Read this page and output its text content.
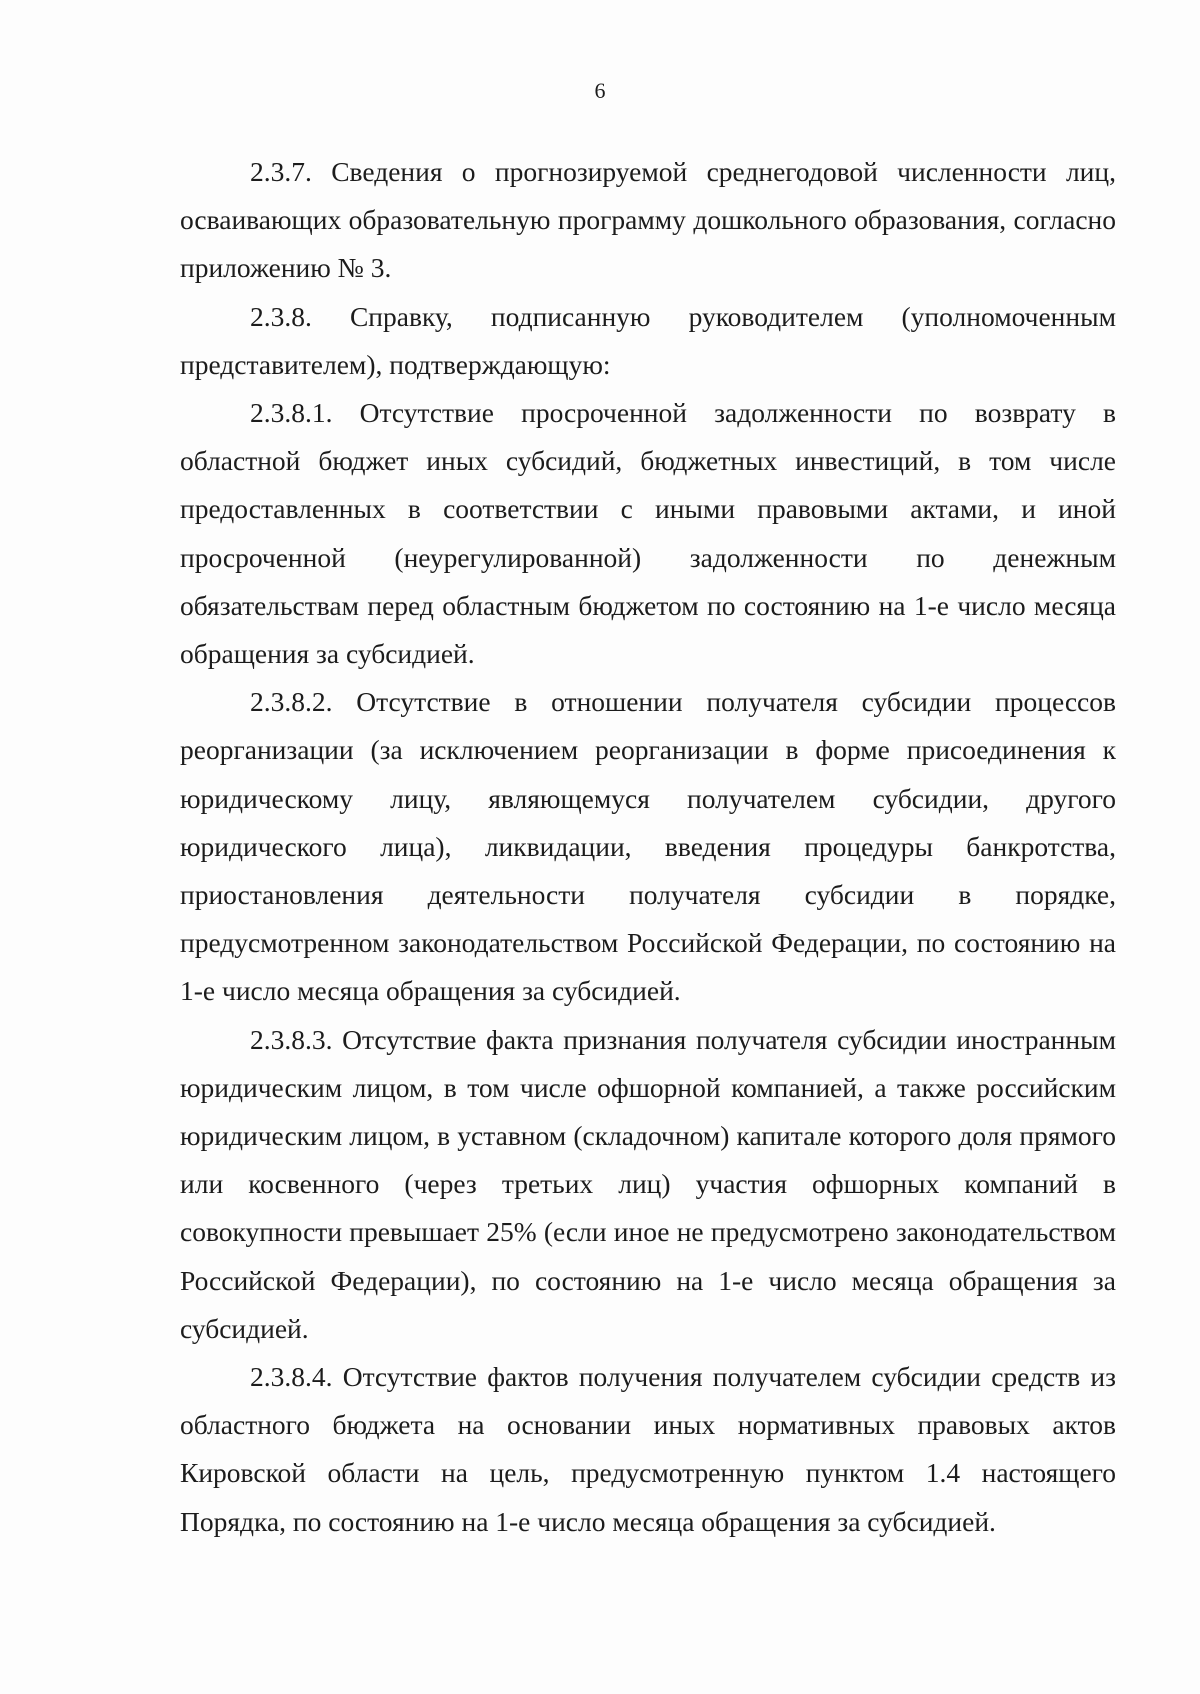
6

2.3.7. Сведения о прогнозируемой среднегодовой численности лиц, осваивающих образовательную программу дошкольного образования, согласно приложению № 3.

2.3.8. Справку, подписанную руководителем (уполномоченным представителем), подтверждающую:

2.3.8.1. Отсутствие просроченной задолженности по возврату в областной бюджет иных субсидий, бюджетных инвестиций, в том числе предоставленных в соответствии с иными правовыми актами, и иной просроченной (неурегулированной) задолженности по денежным обязательствам перед областным бюджетом по состоянию на 1-е число месяца обращения за субсидией.

2.3.8.2. Отсутствие в отношении получателя субсидии процессов реорганизации (за исключением реорганизации в форме присоединения к юридическому лицу, являющемуся получателем субсидии, другого юридического лица), ликвидации, введения процедуры банкротства, приостановления деятельности получателя субсидии в порядке, предусмотренном законодательством Российской Федерации, по состоянию на 1-е число месяца обращения за субсидией.

2.3.8.3. Отсутствие факта признания получателя субсидии иностранным юридическим лицом, в том числе офшорной компанией, а также российским юридическим лицом, в уставном (складочном) капитале которого доля прямого или косвенного (через третьих лиц) участия офшорных компаний в совокупности превышает 25% (если иное не предусмотрено законодательством Российской Федерации), по состоянию на 1-е число месяца обращения за субсидией.

2.3.8.4. Отсутствие фактов получения получателем субсидии средств из областного бюджета на основании иных нормативных правовых актов Кировской области на цель, предусмотренную пунктом 1.4 настоящего Порядка, по состоянию на 1-е число месяца обращения за субсидией.
